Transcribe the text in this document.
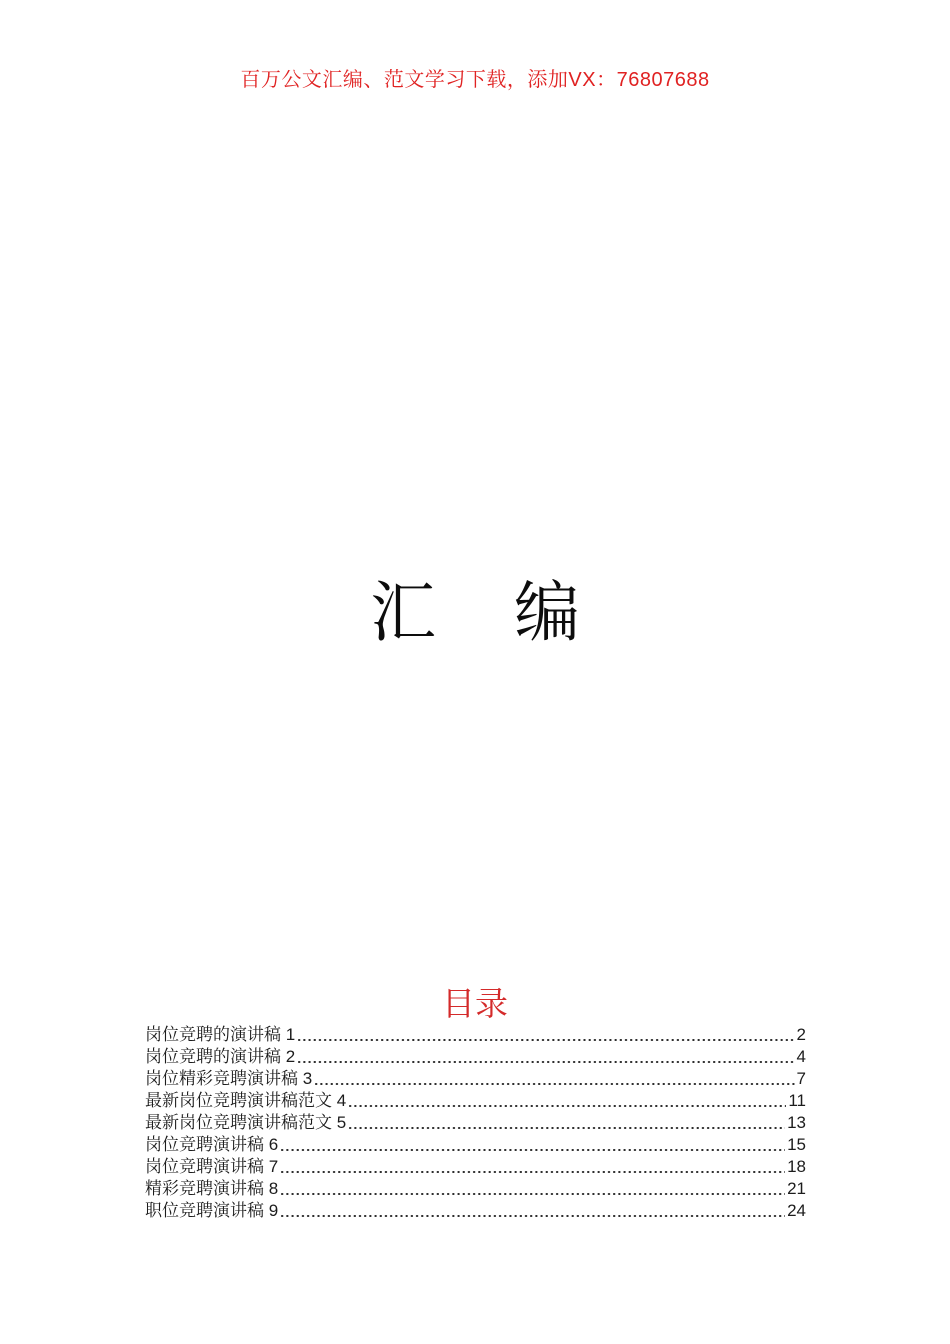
百万公文汇编、范文学习下载，添加VX：76807688
汇 编
目录
岗位竞聘的演讲稿 1	2
岗位竞聘的演讲稿 2	4
岗位精彩竞聘演讲稿 3	7
最新岗位竞聘演讲稿范文 4	11
最新岗位竞聘演讲稿范文 5	13
岗位竞聘演讲稿 6	15
岗位竞聘演讲稿 7	18
精彩竞聘演讲稿 8	21
职位竞聘演讲稿 9	24
